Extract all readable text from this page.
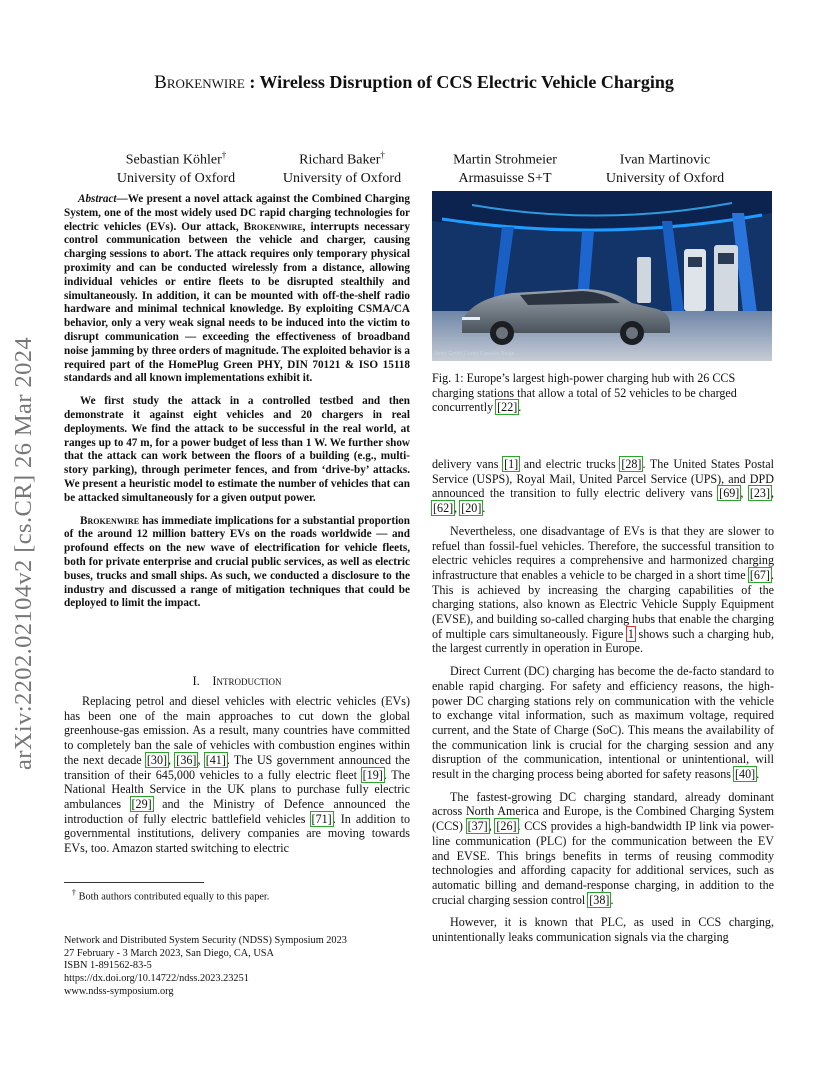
arXiv:2202.02104v2 [cs.CR] 26 Mar 2024
Brokenwire : Wireless Disruption of CCS Electric Vehicle Charging
Sebastian Köhler†
University of Oxford
Richard Baker†
University of Oxford
Martin Strohmeier
Armasuisse S+T
Ivan Martinovic
University of Oxford

Abstract—We present a novel attack against the Combined Charging System, one of the most widely used DC rapid charging technologies for electric vehicles (EVs). Our attack, Brokenwire, interrupts necessary control communication between the vehicle and charger, causing charging sessions to abort. The attack requires only temporary physical proximity and can be conducted wirelessly from a distance, allowing individual vehicles or entire fleets to be disrupted stealthily and simultaneously. In addition, it can be mounted with off-the-shelf radio hardware and minimal technical knowledge. By exploiting CSMA/CA behavior, only a very weak signal needs to be induced into the victim to disrupt communication — exceeding the effectiveness of broadband noise jamming by three orders of magnitude. The exploited behavior is a required part of the HomePlug Green PHY, DIN 70121 & ISO 15118 standards and all known implementations exhibit it.

We first study the attack in a controlled testbed and then demonstrate it against eight vehicles and 20 chargers in real deployments. We find the attack to be successful in the real world, at ranges up to 47 m, for a power budget of less than 1 W. We further show that the attack can work between the floors of a building (e.g., multi-story parking), through perimeter fences, and from ‘drive-by’ attacks. We present a heuristic model to estimate the number of vehicles that can be attacked simultaneously for a given output power.

Brokenwire has immediate implications for a substantial proportion of the around 12 million battery EVs on the roads worldwide — and profound effects on the new wave of electrification for vehicle fleets, both for private enterprise and crucial public services, as well as electric buses, trucks and small ships. As such, we conducted a disclosure to the industry and discussed a range of mitigation techniques that could be deployed to limit the impact.

I.  Introduction

Replacing petrol and diesel vehicles with electric vehicles (EVs) has been one of the main approaches to cut down the global greenhouse-gas emission. As a result, many countries have committed to completely ban the sale of vehicles with combustion engines within the next decade [30], [36], [41]. The US government announced the transition of their 645,000 vehicles to a fully electric fleet [19]. The National Health Service in the UK plans to purchase fully electric ambulances [29] and the Ministry of Defence announced the introduction of fully electric battlefield vehicles [71]. In addition to governmental institutions, delivery companies are moving towards EVs, too. Amazon started switching to electric

† Both authors contributed equally to this paper.
Network and Distributed System Security (NDSS) Symposium 2023
27 February - 3 March 2023, San Diego, CA, USA
ISBN 1-891562-83-5
https://dx.doi.org/10.14722/ndss.2023.23251
www.ndss-symposium.org
Ionity GmbH / Ionity Kasseler Berge
Fig. 1: Europe’s largest high-power charging hub with 26 CCS charging stations that allow a total of 52 vehicles to be charged concurrently [22].

delivery vans [1] and electric trucks [28]. The United States Postal Service (USPS), Royal Mail, United Parcel Service (UPS), and DPD announced the transition to fully electric delivery vans [69], [23], [62], [20].

Nevertheless, one disadvantage of EVs is that they are slower to refuel than fossil-fuel vehicles. Therefore, the successful transition to electric vehicles requires a comprehensive and harmonized charging infrastructure that enables a vehicle to be charged in a short time [67]. This is achieved by increasing the charging capabilities of the charging stations, also known as Electric Vehicle Supply Equipment (EVSE), and building so-called charging hubs that enable the charging of multiple cars simultaneously. Figure 1 shows such a charging hub, the largest currently in operation in Europe.

Direct Current (DC) charging has become the de-facto standard to enable rapid charging. For safety and efficiency reasons, the high-power DC charging stations rely on communication with the vehicle to exchange vital information, such as maximum voltage, required current, and the State of Charge (SoC). This means the availability of the communication link is crucial for the charging session and any disruption of the communication, intentional or unintentional, will result in the charging process being aborted for safety reasons [40].

The fastest-growing DC charging standard, already dominant across North America and Europe, is the Combined Charging System (CCS) [37], [26]. CCS provides a high-bandwidth IP link via power-line communication (PLC) for the communication between the EV and EVSE. This brings benefits in terms of reusing commodity technologies and affording capacity for additional services, such as automatic billing and demand-response charging, in addition to the crucial charging session control [38].

However, it is known that PLC, as used in CCS charging, unintentionally leaks communication signals via the charging
